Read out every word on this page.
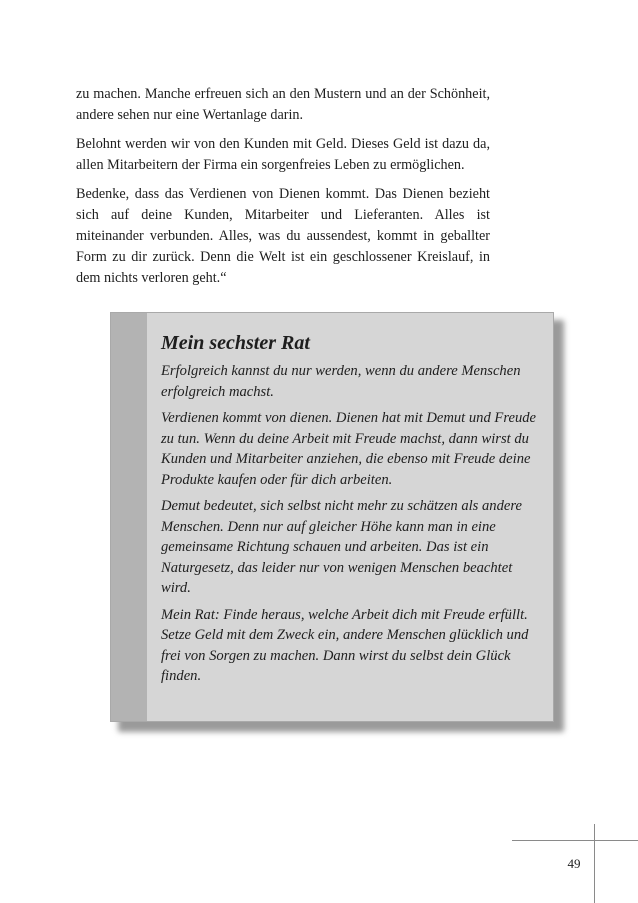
zu machen. Manche erfreuen sich an den Mustern und an der Schönheit, andere sehen nur eine Wertanlage darin.

Belohnt werden wir von den Kunden mit Geld. Dieses Geld ist dazu da, allen Mitarbeitern der Firma ein sorgenfreies Leben zu ermöglichen.

Bedenke, dass das Verdienen von Dienen kommt. Das Dienen bezieht sich auf deine Kunden, Mitarbeiter und Lieferanten. Alles ist miteinander verbunden. Alles, was du aussendest, kommt in geballter Form zu dir zurück. Denn die Welt ist ein geschlossener Kreislauf, in dem nichts verloren geht.“

Mein sechster Rat

Erfolgreich kannst du nur werden, wenn du andere Menschen erfolgreich machst.

Verdienen kommt von dienen. Dienen hat mit Demut und Freude zu tun. Wenn du deine Arbeit mit Freude machst, dann wirst du Kunden und Mitarbeiter anziehen, die ebenso mit Freude deine Produkte kaufen oder für dich arbeiten.

Demut bedeutet, sich selbst nicht mehr zu schätzen als andere Menschen. Denn nur auf gleicher Höhe kann man in eine gemeinsame Richtung schauen und arbeiten. Das ist ein Naturgesetz, das leider nur von wenigen Menschen beachtet wird.

Mein Rat: Finde heraus, welche Arbeit dich mit Freude erfüllt. Setze Geld mit dem Zweck ein, andere Menschen glücklich und frei von Sorgen zu machen. Dann wirst du selbst dein Glück finden.

49
